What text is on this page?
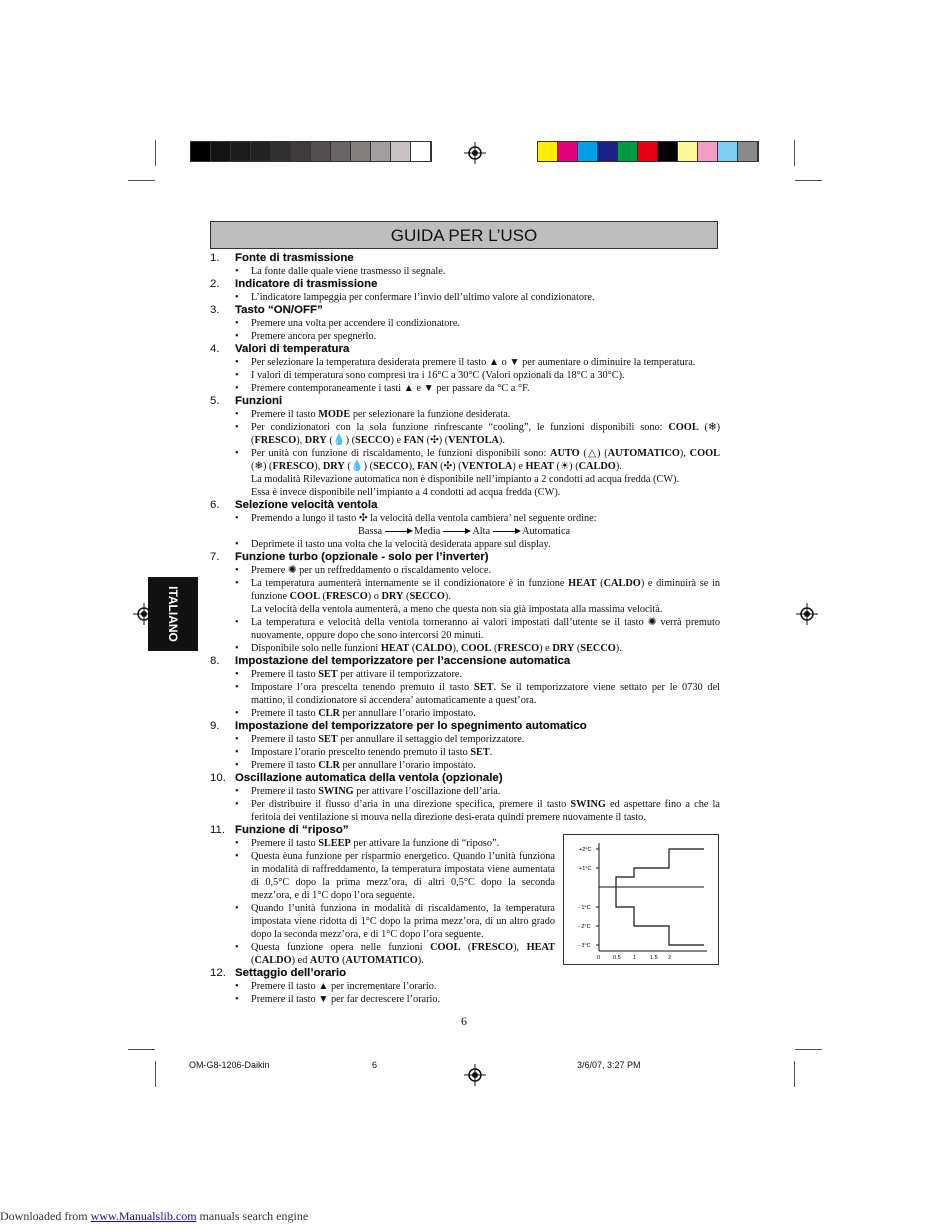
GUIDA PER L’USO
ITALIANO
1. Fonte di trasmissione
• La fonte dalle quale viene trasmesso il segnale.
2. Indicatore di trasmissione
• L’indicatore lampeggia per confermare l’invio dell’ultimo valore al condizionatore.
3. Tasto “ON/OFF”
• Premere una volta per accendere il condizionatore.
• Premere ancora per spegnerlo.
4. Valori di temperatura
• Per selezionare la temperatura desiderata premere il tasto ▲ o ▼ per aumentare o diminuire la temperatura.
• I valori di temperatura sono compresi tra i 16°C a 30°C (Valori opzionali da 18°C a 30°C).
• Premere contemporaneamente i tasti ▲ e ▼ per passare da °C a °F.
5. Funzioni
• Premere il tasto MODE per selezionare la funzione desiderata.
• Per condizionatori con la sola funzione rinfrescante “cooling”, le funzioni disponibili sono: COOL (❄) (FRESCO), DRY (💧) (SECCO) e FAN (✣) (VENTOLA).
• Per unità con funzione di riscaldamento, le funzioni disponibili sono: AUTO (△) (AUTOMATICO), COOL (❄) (FRESCO), DRY (💧) (SECCO), FAN (✣) (VENTOLA) e HEAT (☀) (CALDO).
La modalità Rilevazione automatica non è disponibile nell’impianto a 2 condotti ad acqua fredda (CW).
Essa è invece disponibile nell’impianto a 4 condotti ad acqua fredda (CW).
6. Selezione velocità ventola
• Premendo a lungo il tasto ✣ la velocità della ventola cambiera’ nel seguente ordine:
Bassa	Media	Alta	Automatica
• Deprimete il tasto una volta che la velocità desiderata appare sul display.
7. Funzione turbo (opzionale - solo per l’inverter)
• Premere ✺ per un reffreddamento o riscaldamento veloce.
• La temperatura aumenterà internamente se il condizionatore è in funzione HEAT (CALDO) e diminuirà se in funzione COOL (FRESCO) o DRY (SECCO).
La velocità della ventola aumenterà, a meno che questa non sia già impostata alla massima velocità.
• La temperatura e velocità della ventola torneranno ai valori impostati dall’utente se il tasto ✺ verrà premuto nuovamente, oppure dopo che sono intercorsi 20 minuti.
• Disponibile solo nelle funzioni HEAT (CALDO), COOL (FRESCO) e DRY (SECCO).
8. Impostazione del temporizzatore per l’accensione automatica
• Premere il tasto SET per attivare il temporizzatore.
• Impostare l’ora prescelta tenendo premuto il tasto SET. Se il temporizzatore viene settato per le 0730 del mattino, il condizionatore si accendera’ automaticamente a quest’ora.
• Premere il tasto CLR per annullare l’orario impostato.
9. Impostazione del temporizzatore per lo spegnimento automatico
• Premere il tasto SET per annullare il settaggio del temporizzatore.
• Impostare l’orario prescelto tenendo premuto il tasto SET.
• Premere il tasto CLR per annullare l’orario impostato.
10. Oscillazione automatica della ventola (opzionale)
• Premere il tasto SWING per attivare l’oscillazione dell’aria.
• Per distribuire il flusso d’aria in una direzione specifica, premere il tasto SWING ed aspettare fino a che la feritoia dei ventilazione si mouva nella direzione desi-erata quindi premere nuovamente il tasto.
11. Funzione di “riposo”
• Premere il tasto SLEEP per attivare la funzione di “riposo”.
• Questa èuna funzione per risparmio energetico. Quando l’unità funziona in modalità di raffreddamento, la temperatura impostata viene aumentata di 0,5°C dopo la prima mezz’ora, di altri 0,5°C dopo la seconda mezz’ora, e di 1°C dopo l’ora seguente.
• Quando l’unità funziona in modalità di riscaldamento, la temperatura impostata viene ridotta di 1°C dopo la prima mezz’ora, di un altro grado dopo la seconda mezz’ora, e di 1°C dopo l’ora seguente.
• Questa funzione opera nelle funzioni COOL (FRESCO), HEAT (CALDO) ed AUTO (AUTOMATICO).
12. Settaggio dell’orario
• Premere il tasto ▲ per incrementare l’orario.
• Premere il tasto ▼ per far decrescere l’orario.
+2°C
+1°C
- 1°C
- 2°C
- 3°C
0 0.5 1	1.5 2
6
OM-G8-1206-Daikin	6	3/6/07, 3:27 PM
Downloaded from www.Manualslib.com manuals search engine
